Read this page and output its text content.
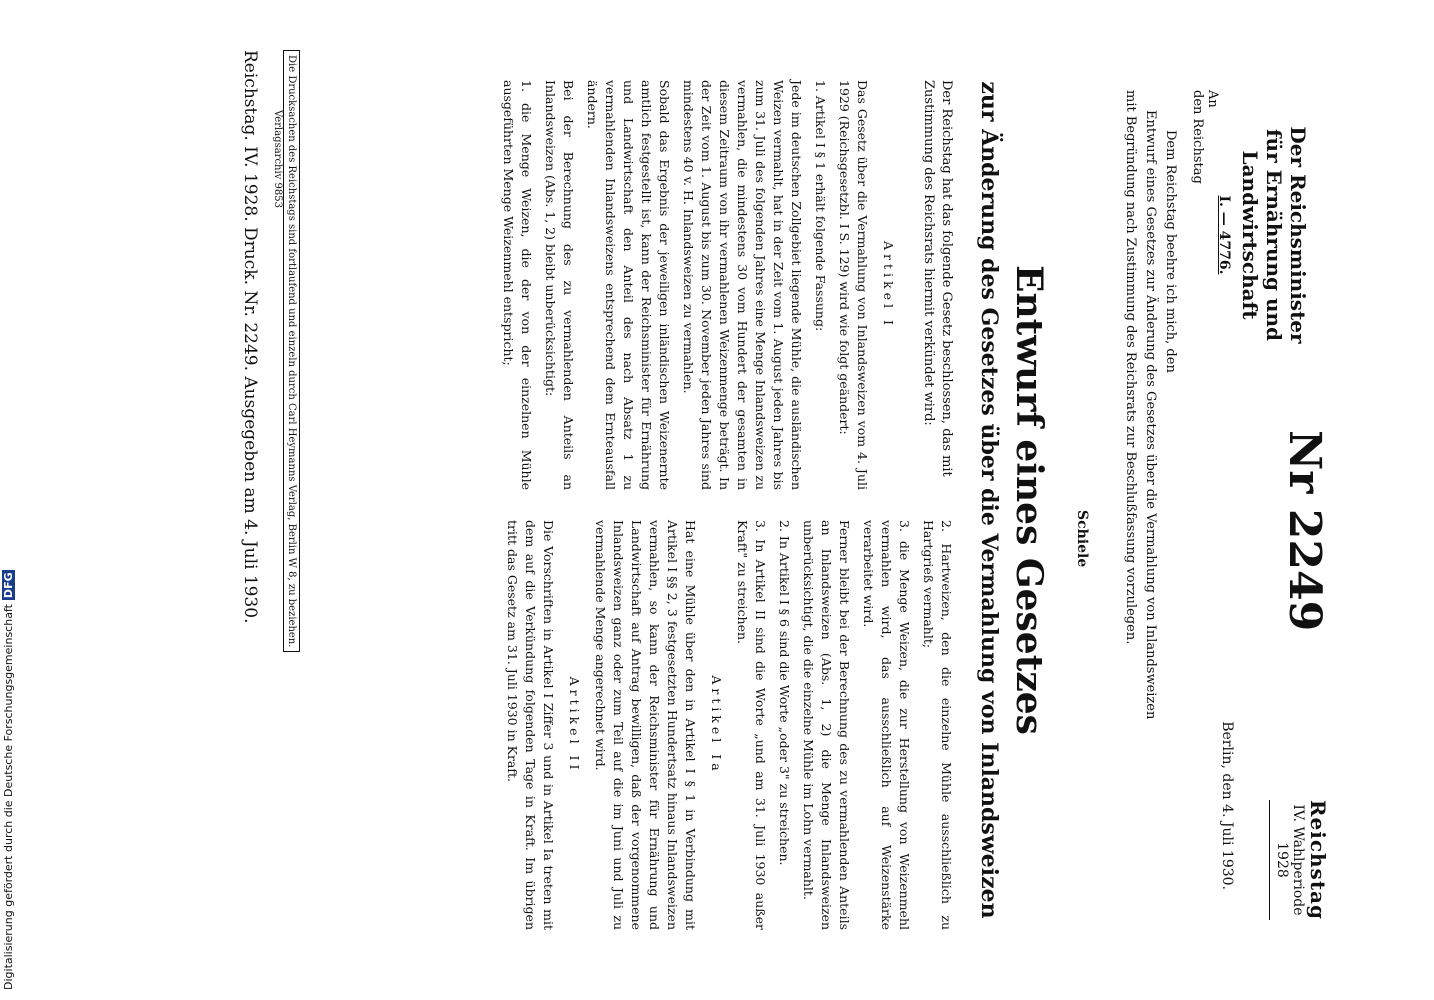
Reichstag
IV. Wahlperiode
1928
Nr 2249
Der Reichsminister
für Ernährung und Landwirtschaft
I. — 4776.
Berlin, den 4. Juli 1930.
An
den Reichstag
Dem Reichstag beehre ich mich, den
Entwurf eines Gesetzes zur Änderung des Gesetzes über die Vermahlung von Inlandsweizen
mit Begründung nach Zustimmung des Reichsrats zur Beschlußfassung vorzulegen.
Schiele
Entwurf eines Gesetzes
zur Änderung des Gesetzes über die Vermahlung von Inlandsweizen
Der Reichstag hat das folgende Gesetz beschlossen, das mit Zustimmung des Reichsrats hiermit verkündet wird:
Artikel I

Das Gesetz über die Vermahlung von Inlandsweizen vom 4. Juli 1929 (Reichsgesetzbl. I S. 129) wird wie folgt geändert:

1. Artikel I § 1 erhält folgende Fassung:

Jede im deutschen Zollgebiet liegende Mühle, die ausländischen Weizen vermahlt, hat in der Zeit vom 1. August jeden Jahres bis zum 31. Juli des folgenden Jahres eine Menge Inlandsweizen zu vermahlen, die mindestens 30 vom Hundert der gesamten in diesem Zeitraum von ihr vermahlenen Weizenmenge beträgt. In der Zeit vom 1. August bis zum 30. November jeden Jahres sind mindestens 40 v. H. Inlandsweizen zu vermahlen.

Sobald das Ergebnis der jeweiligen inländischen Weizenernte amtlich festgestellt ist, kann der Reichsminister für Ernährung und Landwirtschaft den Anteil des nach Absatz 1 zu vermahlenden Inlandsweizens entsprechend dem Ernteausfall ändern.

Bei der Berechnung des zu vermahlenden Anteils an Inlandsweizen (Abs. 1, 2) bleibt unberücksichtigt:

1. die Menge Weizen, die der von der einzelnen Mühle ausgeführten Menge Weizenmehl entspricht;

2. Hartweizen, den die einzelne Mühle ausschließlich zu Hartgrieß vermahlt;

3. die Menge Weizen, die zur Herstellung von Weizenmehl vermahlen wird, das ausschließlich auf Weizenstärke verarbeitet wird.

Ferner bleibt bei der Berechnung des zu vermahlenden Anteils an Inlandsweizen (Abs. 1, 2) die Menge Inlandsweizen unberücksichtigt, die die einzelne Mühle im Lohn vermahlt.

2. In Artikel I § 6 sind die Worte „oder 3" zu streichen.

3. In Artikel II sind die Worte „und am 31. Juli 1930 außer Kraft" zu streichen.

Artikel Ia

Hat eine Mühle über den in Artikel I § 1 in Verbindung mit Artikel I §§ 2, 3 festgesetzten Hundertsatz hinaus Inlandsweizen vermahlen, so kann der Reichsminister für Ernährung und Landwirtschaft auf Antrag bewilligen, daß der vorgenommene Inlandsweizen ganz oder zum Teil auf die im Juni und Juli zu vermahlende Menge angerechnet wird.

Artikel II

Die Vorschriften in Artikel I Ziffer 3 und in Artikel Ia treten mit dem auf die Verkündung folgenden Tage in Kraft. Im übrigen tritt das Gesetz am 31. Juli 1930 in Kraft.

Die Drucksachen des Reichstags sind fortlaufend und einzeln durch Carl Heymanns Verlag, Berlin W 8, zu beziehen.
Verlagsarchiv 9853
Reichstag. IV. 1928. Druck. Nr. 2249. Ausgegeben am 4. Juli 1930.
Digitalisierung gefördert durch die Deutsche ForschungsgemeinschaftDFG
